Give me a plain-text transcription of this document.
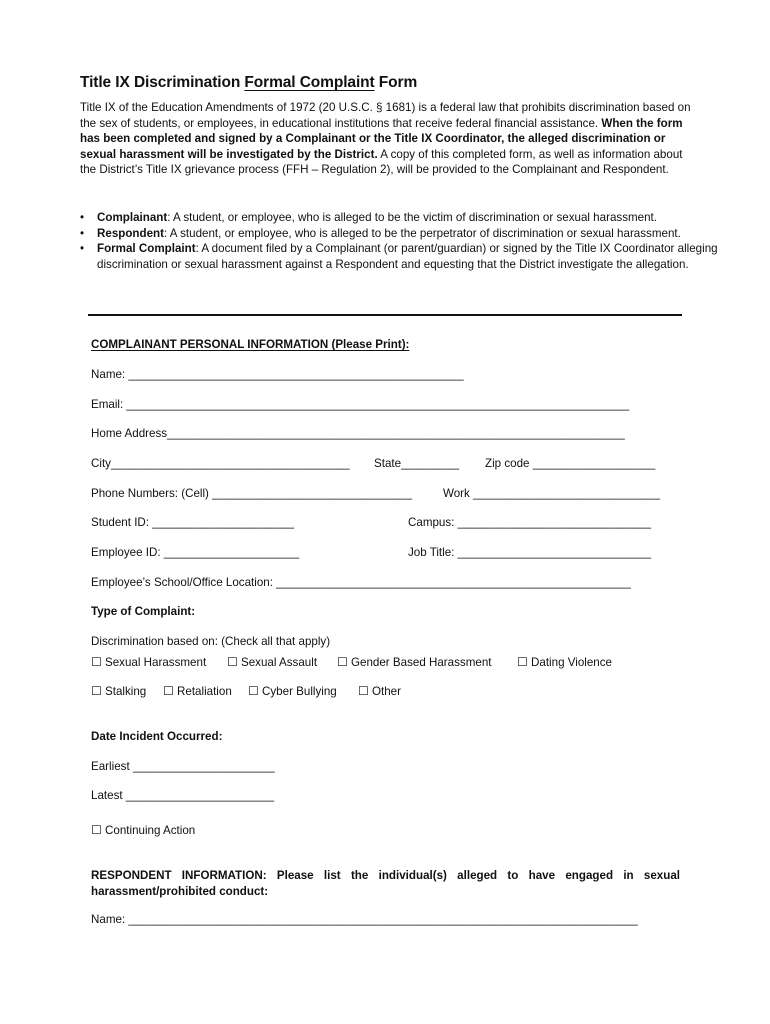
Title IX Discrimination Formal Complaint Form
Title IX of the Education Amendments of 1972 (20 U.S.C. § 1681) is a federal law that prohibits discrimination based on the sex of students, or employees, in educational institutions that receive federal financial assistance. When the form has been completed and signed by a Complainant or the Title IX Coordinator, the alleged discrimination or sexual harassment will be investigated by the District. A copy of this completed form, as well as information about the District’s Title IX grievance process (FFH – Regulation 2), will be provided to the Complainant and Respondent.
• Complainant: A student, or employee, who is alleged to be the victim of discrimination or sexual harassment.
• Respondent: A student, or employee, who is alleged to be the perpetrator of discrimination or sexual harassment.
• Formal Complaint: A document filed by a Complainant (or parent/guardian) or signed by the Title IX Coordinator alleging discrimination or sexual harassment against a Respondent and equesting that the District investigate the allegation.
COMPLAINANT PERSONAL INFORMATION (Please Print):
Name: ____________________________________________________
Email: ______________________________________________________________________________
Home Address_______________________________________________________________________
City_____________________________________ State_________ Zip code ___________________
Phone Numbers: (Cell) _______________________________	Work _____________________________
Student ID: ______________________	Campus: ______________________________
Employee ID: _____________________	Job Title: ______________________________
Employee’s School/Office Location: _______________________________________________________
Type of Complaint:
Discrimination based on: (Check all that apply)
☐ Sexual Harassment ☐ Sexual Assault ☐ Gender Based Harassment ☐ Dating Violence
☐ Stalking ☐ Retaliation ☐ Cyber Bullying ☐ Other
Date Incident Occurred:
Earliest ______________________
Latest _______________________
☐ Continuing Action
RESPONDENT INFORMATION: Please list the individual(s) alleged to have engaged in sexual harassment/prohibited conduct:
Name: _______________________________________________________________________________
